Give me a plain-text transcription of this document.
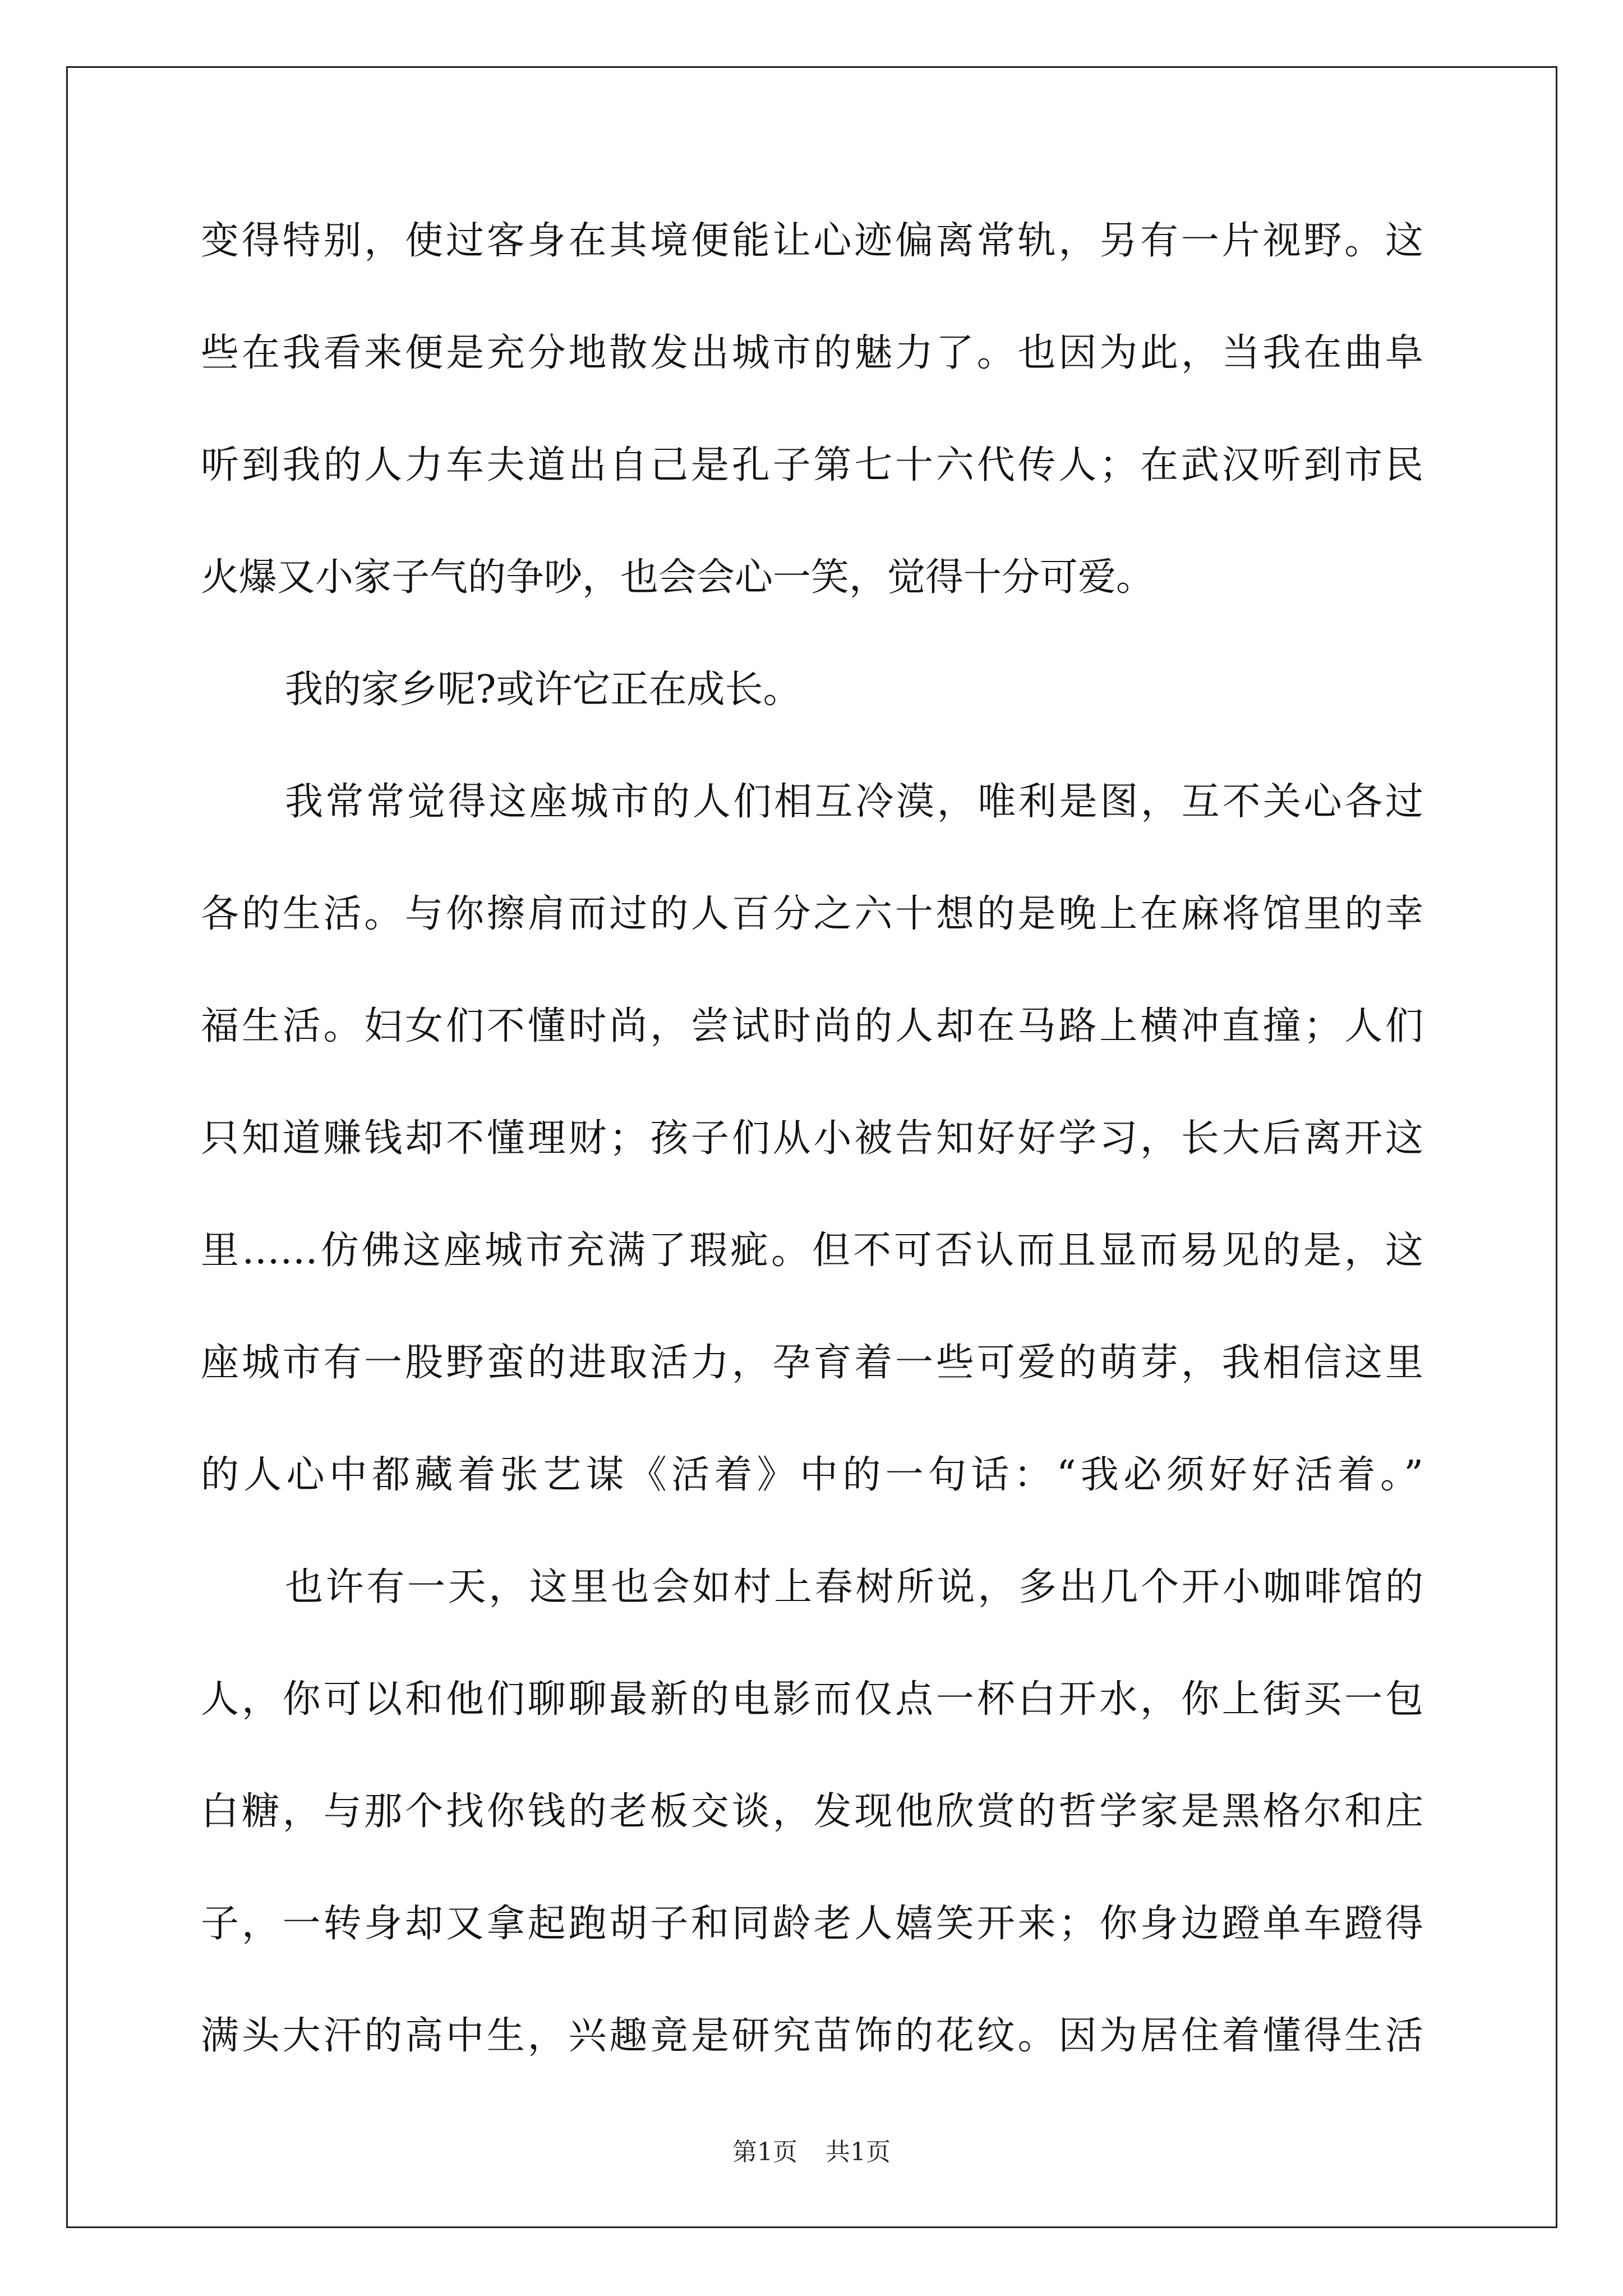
变得特别，使过客身在其境便能让心迹偏离常轨，另有一片视野。这
些在我看来便是充分地散发出城市的魅力了。也因为此，当我在曲阜
听到我的人力车夫道出自己是孔子第七十六代传人；在武汉听到市民
火爆又小家子气的争吵，也会会心一笑，觉得十分可爱。
我的家乡呢?或许它正在成长。
我常常觉得这座城市的人们相互冷漠，唯利是图，互不关心各过
各的生活。与你擦肩而过的人百分之六十想的是晚上在麻将馆里的幸
福生活。妇女们不懂时尚，尝试时尚的人却在马路上横冲直撞；人们
只知道赚钱却不懂理财；孩子们从小被告知好好学习，长大后离开这
里……仿佛这座城市充满了瑕疵。但不可否认而且显而易见的是，这
座城市有一股野蛮的进取活力，孕育着一些可爱的萌芽，我相信这里
的人心中都藏着张艺谋《活着》中的一句话：“我必须好好活着。”
也许有一天，这里也会如村上春树所说，多出几个开小咖啡馆的
人，你可以和他们聊聊最新的电影而仅点一杯白开水，你上街买一包
白糖，与那个找你钱的老板交谈，发现他欣赏的哲学家是黑格尔和庄
子，一转身却又拿起跑胡子和同龄老人嬉笑开来；你身边蹬单车蹬得
满头大汗的高中生，兴趣竟是研究苗饰的花纹。因为居住着懂得生活
第1页 共1页
